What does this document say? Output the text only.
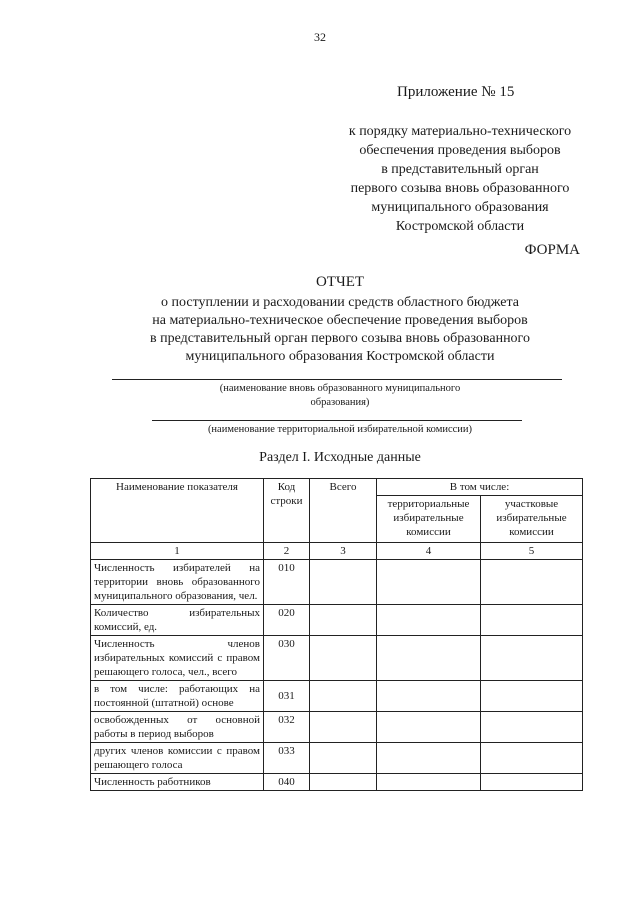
32
Приложение № 15
к порядку материально-технического
обеспечения проведения выборов
в представительный орган
первого созыва вновь образованного
муниципального образования
Костромской области
ФОРМА
ОТЧЕТ
о поступлении и расходовании средств областного бюджета
на материально-техническое обеспечение проведения выборов
в представительный орган первого созыва вновь образованного
муниципального образования Костромской области
(наименование вновь образованного муниципального
образования)
(наименование территориальной избирательной комиссии)
Раздел I. Исходные данные
Наименование показателя	Код строки	Всего	В том числе:	
			территориальные избирательные комиссии	участковые избирательные комиссии
1	2	3	4	5
Численность избирателей на территории вновь образованного муниципального образования, чел.	010			
Количество избирательных комиссий, ед.	020			
Численность членов избирательных комиссий с правом решающего голоса, чел., всего	030			
в том числе: работающих на постоянной (штатной) основе	031			
освобожденных от основной работы в период выборов	032			
других членов комиссии с правом решающего голоса	033			
Численность работников	040			
